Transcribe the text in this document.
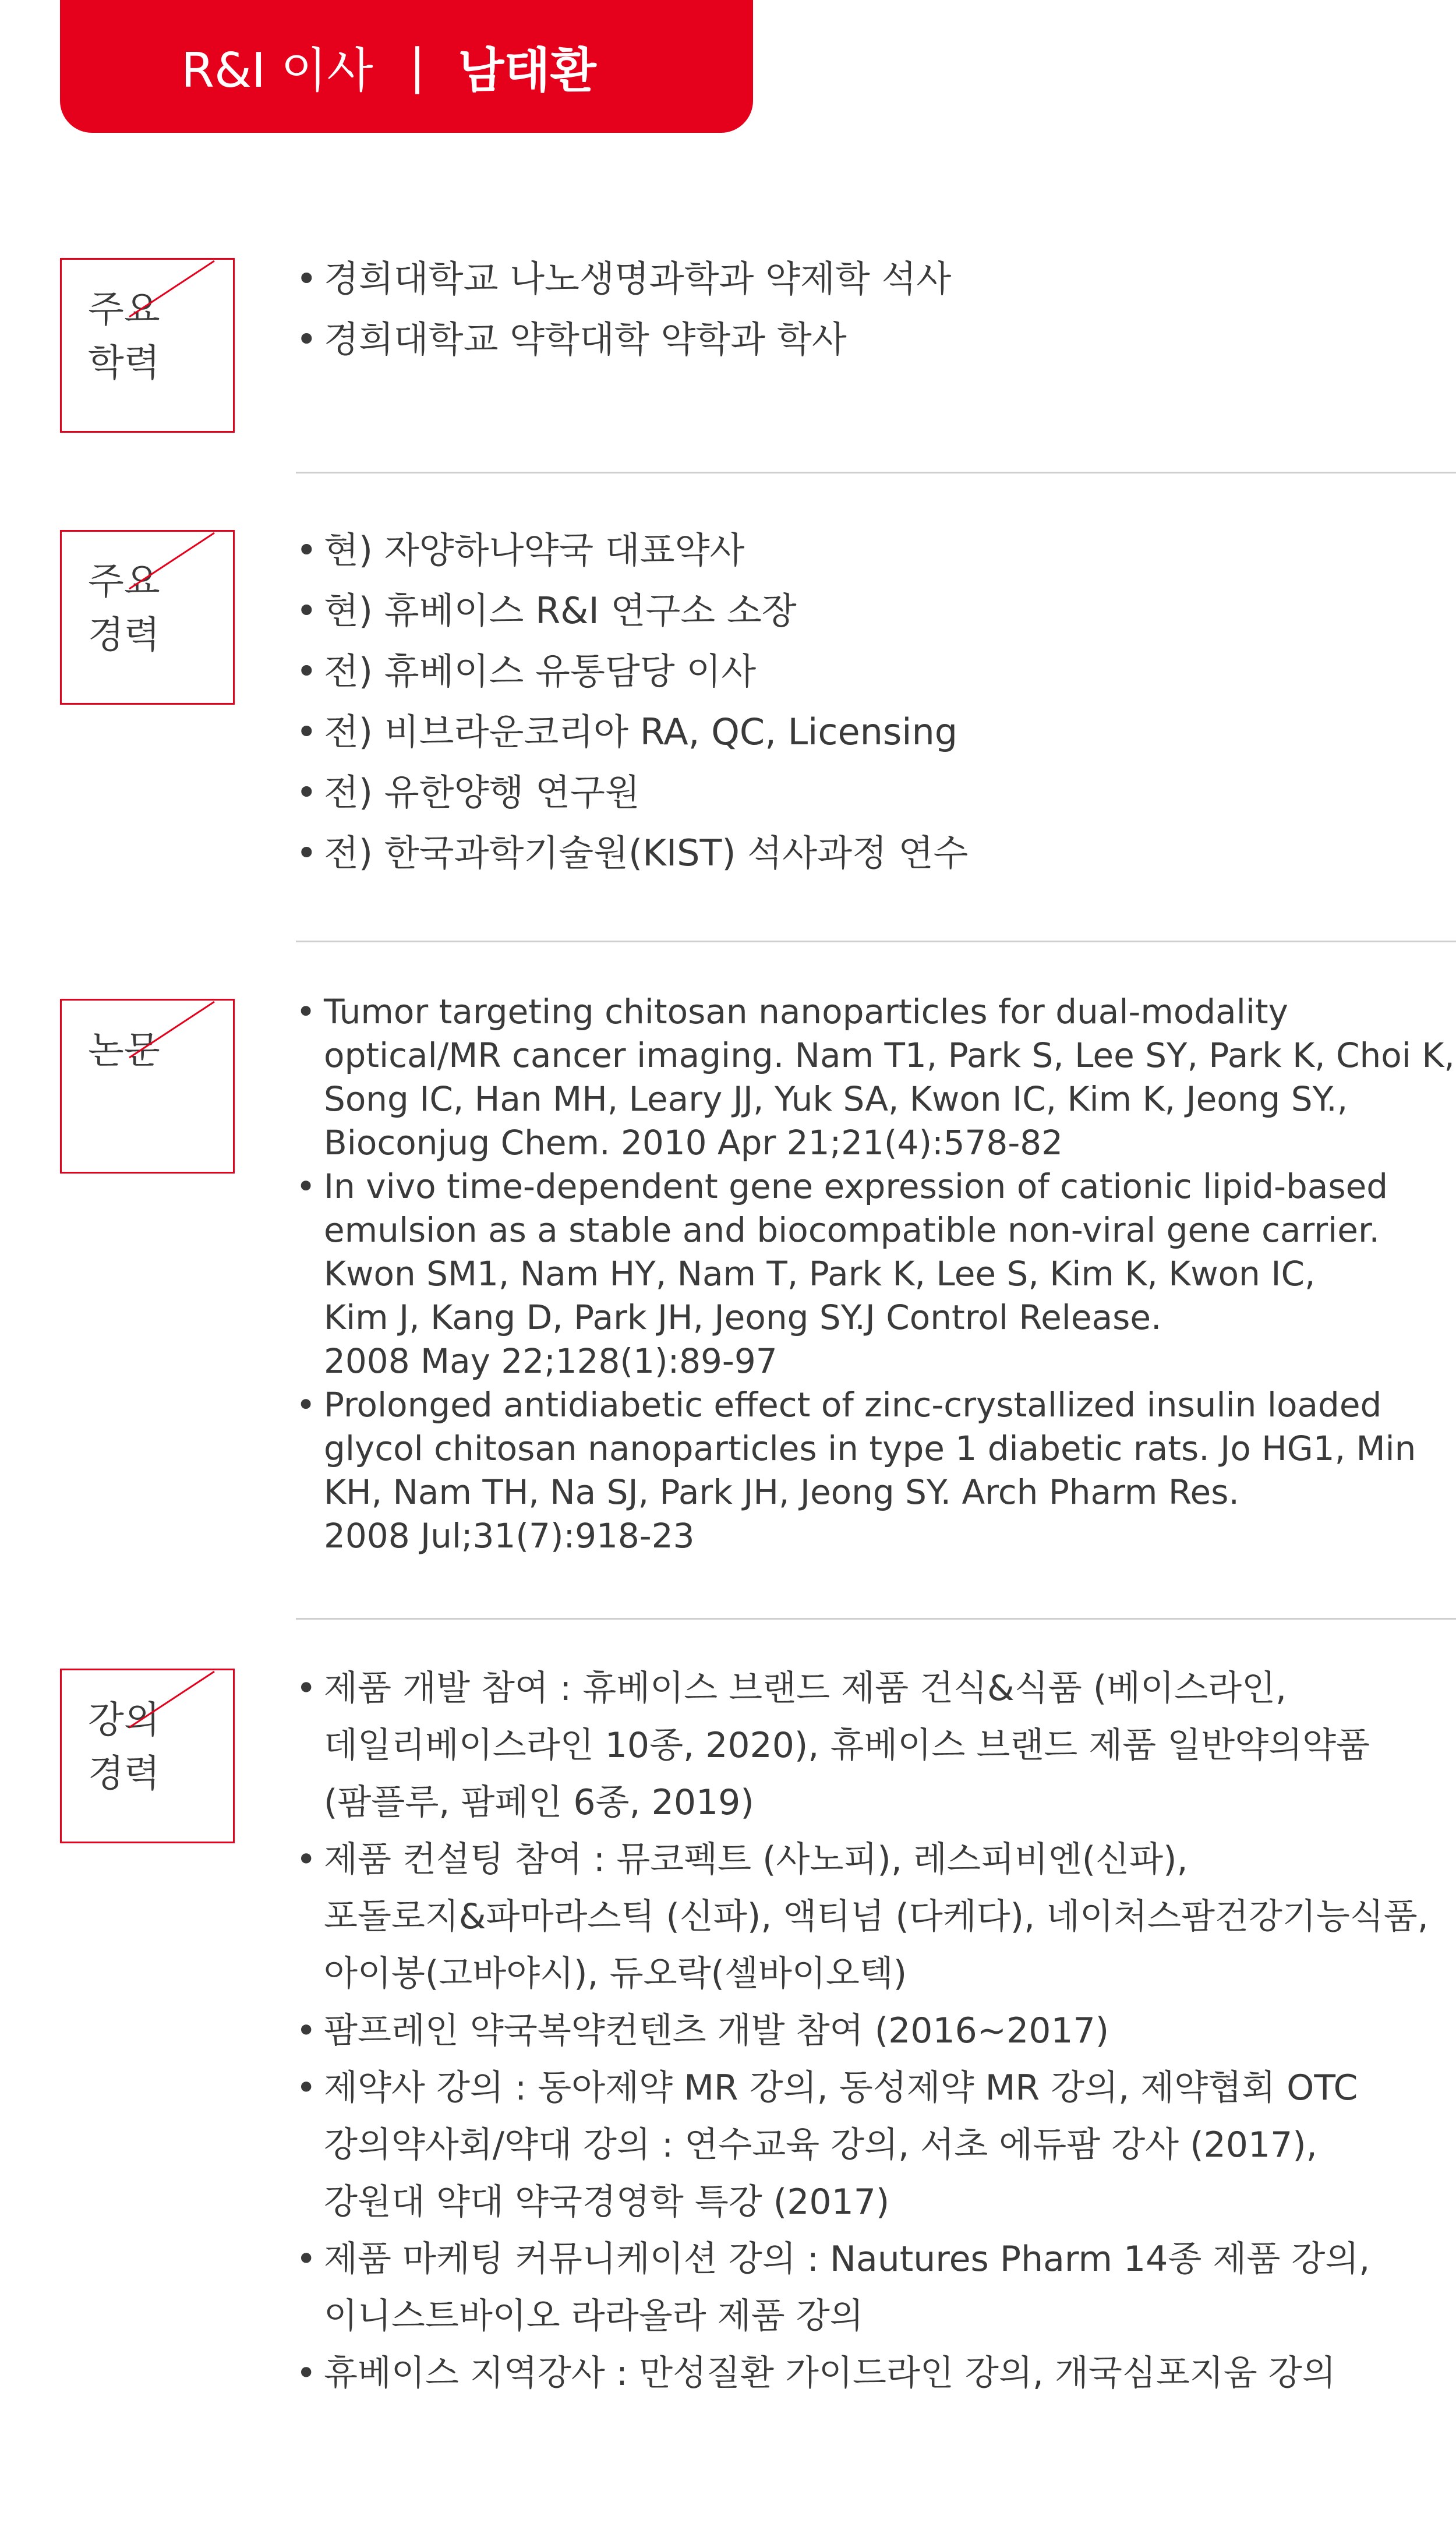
R&I 이사 | 남태환
주요
학력
• 경희대학교 나노생명과학과 약제학 석사
• 경희대학교 약학대학 약학과 학사
주요
경력
• 현) 자양하나약국 대표약사
• 현) 휴베이스 R&I 연구소 소장
• 전) 휴베이스 유통담당 이사
• 전) 비브라운코리아 RA, QC, Licensing
• 전) 유한양행 연구원
• 전) 한국과학기술원(KIST) 석사과정 연수
논문
• Tumor targeting chitosan nanoparticles for dual-modality
optical/MR cancer imaging. Nam T1, Park S, Lee SY, Park K, Choi K,
Song IC, Han MH, Leary JJ, Yuk SA, Kwon IC, Kim K, Jeong SY.,
Bioconjug Chem. 2010 Apr 21;21(4):578-82
• In vivo time-dependent gene expression of cationic lipid-based
emulsion as a stable and biocompatible non-viral gene carrier.
Kwon SM1, Nam HY, Nam T, Park K, Lee S, Kim K, Kwon IC,
Kim J, Kang D, Park JH, Jeong SY.J Control Release.
2008 May 22;128(1):89-97
• Prolonged antidiabetic effect of zinc-crystallized insulin loaded
glycol chitosan nanoparticles in type 1 diabetic rats. Jo HG1, Min
KH, Nam TH, Na SJ, Park JH, Jeong SY. Arch Pharm Res.
2008 Jul;31(7):918-23
강의
경력
• 제품 개발 참여 : 휴베이스 브랜드 제품 건식&식품 (베이스라인,
데일리베이스라인 10종, 2020), 휴베이스 브랜드 제품 일반약의약품
(팜플루, 팜페인 6종, 2019)
• 제품 컨설팅 참여 : 뮤코펙트 (사노피), 레스피비엔(신파),
포돌로지&파마라스틱 (신파), 액티넘 (다케다), 네이처스팜건강기능식품,
아이봉(고바야시), 듀오락(셀바이오텍)
• 팜프레인 약국복약컨텐츠 개발 참여 (2016~2017)
• 제약사 강의 : 동아제약 MR 강의, 동성제약 MR 강의, 제약협회 OTC
강의약사회/약대 강의 : 연수교육 강의, 서초 에듀팜 강사 (2017),
강원대 약대 약국경영학 특강 (2017)
• 제품 마케팅 커뮤니케이션 강의 : Nautures Pharm 14종 제품 강의,
이니스트바이오 라라올라 제품 강의
• 휴베이스 지역강사 : 만성질환 가이드라인 강의, 개국심포지움 강의
